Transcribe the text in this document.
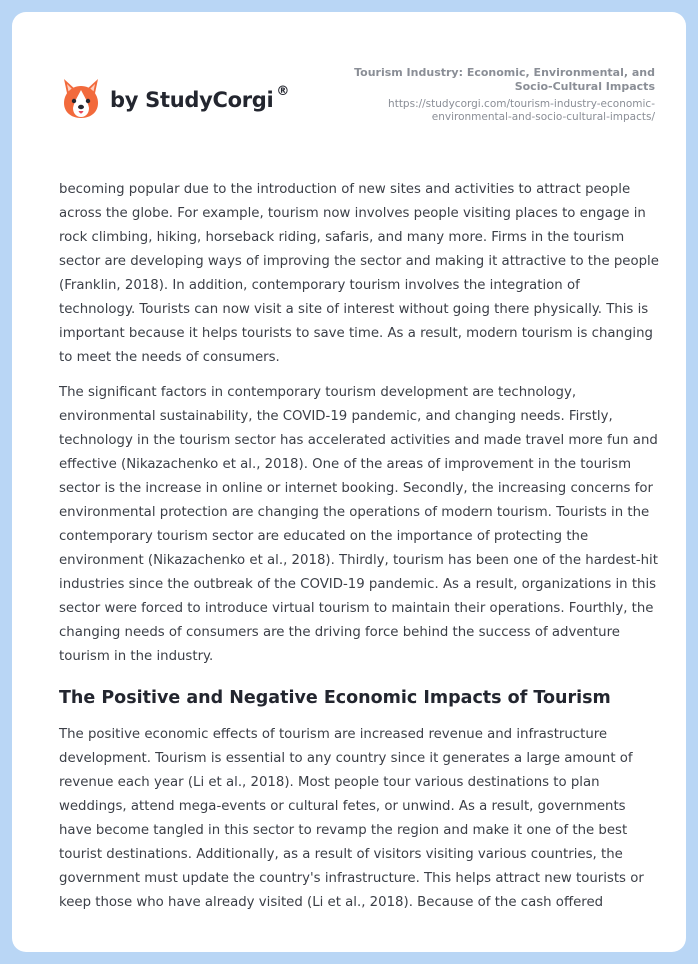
by StudyCorgi ®
Tourism Industry: Economic, Environmental, and Socio-Cultural Impacts
https://studycorgi.com/tourism-industry-economic-environmental-and-socio-cultural-impacts/

becoming popular due to the introduction of new sites and activities to attract people across the globe. For example, tourism now involves people visiting places to engage in rock climbing, hiking, horseback riding, safaris, and many more. Firms in the tourism sector are developing ways of improving the sector and making it attractive to the people (Franklin, 2018). In addition, contemporary tourism involves the integration of technology. Tourists can now visit a site of interest without going there physically. This is important because it helps tourists to save time. As a result, modern tourism is changing to meet the needs of consumers.

The significant factors in contemporary tourism development are technology, environmental sustainability, the COVID-19 pandemic, and changing needs. Firstly, technology in the tourism sector has accelerated activities and made travel more fun and effective (Nikazachenko et al., 2018). One of the areas of improvement in the tourism sector is the increase in online or internet booking. Secondly, the increasing concerns for environmental protection are changing the operations of modern tourism. Tourists in the contemporary tourism sector are educated on the importance of protecting the environment (Nikazachenko et al., 2018). Thirdly, tourism has been one of the hardest-hit industries since the outbreak of the COVID-19 pandemic. As a result, organizations in this sector were forced to introduce virtual tourism to maintain their operations. Fourthly, the changing needs of consumers are the driving force behind the success of adventure tourism in the industry.

The Positive and Negative Economic Impacts of Tourism

The positive economic effects of tourism are increased revenue and infrastructure development. Tourism is essential to any country since it generates a large amount of revenue each year (Li et al., 2018). Most people tour various destinations to plan weddings, attend mega-events or cultural fetes, or unwind. As a result, governments have become tangled in this sector to revamp the region and make it one of the best tourist destinations. Additionally, as a result of visitors visiting various countries, the government must update the country's infrastructure. This helps attract new tourists or keep those who have already visited (Li et al., 2018). Because of the cash offered
